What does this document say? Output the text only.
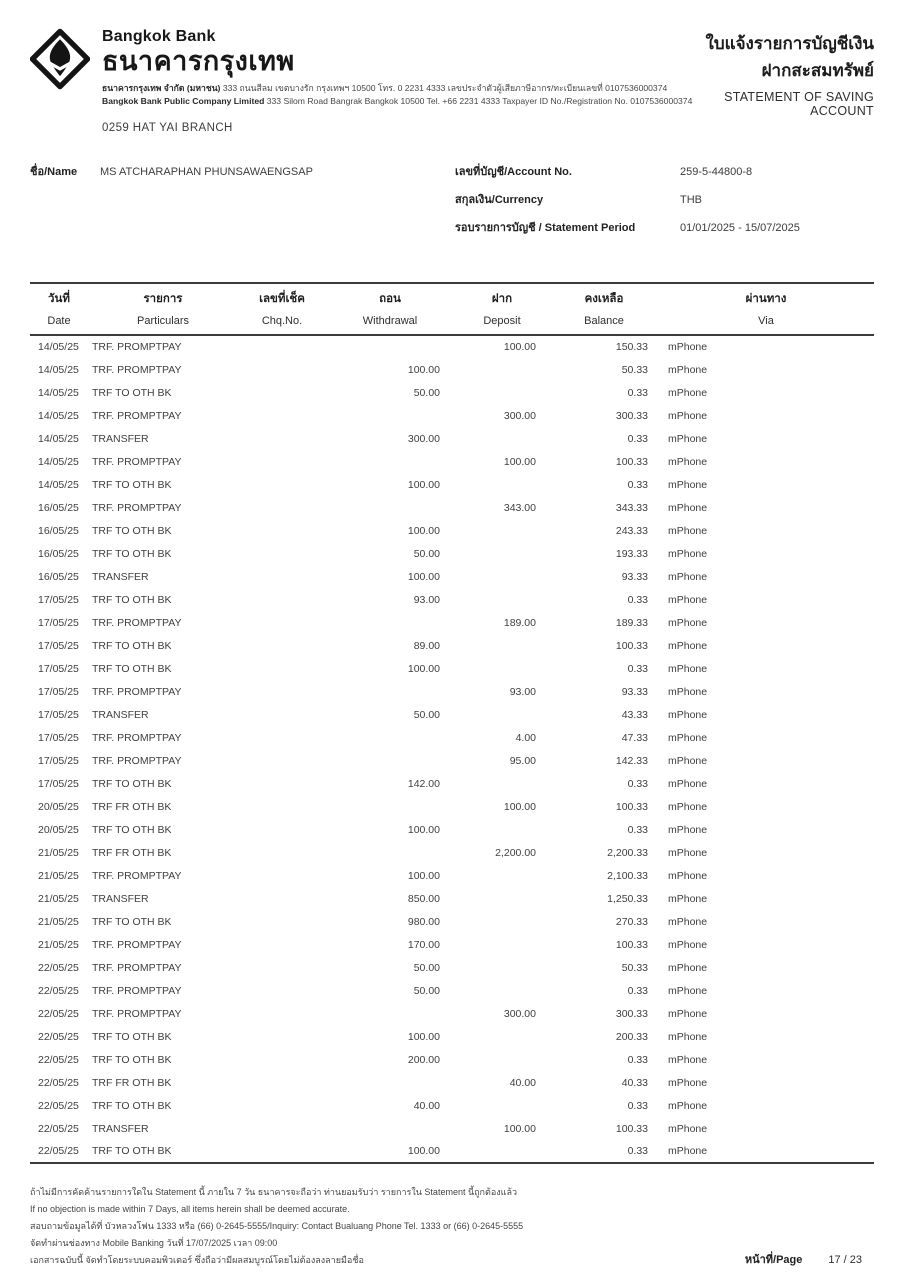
Bangkok Bank
ธนาคารกรุงเทพ
ธนาคารกรุงเทพ จำกัด (มหาชน) 333 ถนนสีลม เขตบางรัก กรุงเทพฯ 10500 โทร. 0 2231 4333 เลขประจำตัวผู้เสียภาษีอากร/ทะเบียนเลขที่ 0107536000374
Bangkok Bank Public Company Limited 333 Silom Road Bangrak Bangkok 10500 Tel. +66 2231 4333 Taxpayer ID No./Registration No. 0107536000374
0259 HAT YAI BRANCH
ใบแจ้งรายการบัญชีเงินฝากสะสมทรัพย์
STATEMENT OF SAVING ACCOUNT
ชื่อ/Name	MS ATCHARAPHAN PHUNSAWAENGSAP	เลขที่บัญชี/Account No.	259-5-44800-8
สกุลเงิน/Currency	THB
รอบรายการบัญชี / Statement Period	01/01/2025 - 15/07/2025
วันที่
Date

รายการ
Particulars

เลขที่เช็ค
Chq.No.

ถอน
Withdrawal

ฝาก
Deposit

คงเหลือ
Balance

ผ่านทาง
Via

14/05/25	TRF. PROMPTPAY			100.00	150.33	mPhone
14/05/25	TRF. PROMPTPAY		100.00		50.33	mPhone
14/05/25	TRF TO OTH BK		50.00		0.33	mPhone
14/05/25	TRF. PROMPTPAY			300.00	300.33	mPhone
14/05/25	TRANSFER		300.00		0.33	mPhone
14/05/25	TRF. PROMPTPAY			100.00	100.33	mPhone
14/05/25	TRF TO OTH BK		100.00		0.33	mPhone
16/05/25	TRF. PROMPTPAY			343.00	343.33	mPhone
16/05/25	TRF TO OTH BK		100.00		243.33	mPhone
16/05/25	TRF TO OTH BK		50.00		193.33	mPhone
16/05/25	TRANSFER		100.00		93.33	mPhone
17/05/25	TRF TO OTH BK		93.00		0.33	mPhone
17/05/25	TRF. PROMPTPAY			189.00	189.33	mPhone
17/05/25	TRF TO OTH BK		89.00		100.33	mPhone
17/05/25	TRF TO OTH BK		100.00		0.33	mPhone
17/05/25	TRF. PROMPTPAY			93.00	93.33	mPhone
17/05/25	TRANSFER		50.00		43.33	mPhone
17/05/25	TRF. PROMPTPAY			4.00	47.33	mPhone
17/05/25	TRF. PROMPTPAY			95.00	142.33	mPhone
17/05/25	TRF TO OTH BK		142.00		0.33	mPhone
20/05/25	TRF FR OTH BK			100.00	100.33	mPhone
20/05/25	TRF TO OTH BK		100.00		0.33	mPhone
21/05/25	TRF FR OTH BK			2,200.00	2,200.33	mPhone
21/05/25	TRF. PROMPTPAY		100.00		2,100.33	mPhone
21/05/25	TRANSFER		850.00		1,250.33	mPhone
21/05/25	TRF TO OTH BK		980.00		270.33	mPhone
21/05/25	TRF. PROMPTPAY		170.00		100.33	mPhone
22/05/25	TRF. PROMPTPAY		50.00		50.33	mPhone
22/05/25	TRF. PROMPTPAY		50.00		0.33	mPhone
22/05/25	TRF. PROMPTPAY			300.00	300.33	mPhone
22/05/25	TRF TO OTH BK		100.00		200.33	mPhone
22/05/25	TRF TO OTH BK		200.00		0.33	mPhone
22/05/25	TRF FR OTH BK			40.00	40.33	mPhone
22/05/25	TRF TO OTH BK		40.00		0.33	mPhone
22/05/25	TRANSFER			100.00	100.33	mPhone
22/05/25	TRF TO OTH BK		100.00		0.33	mPhone
ถ้าไม่มีการคัดค้านรายการใดใน Statement นี้ ภายใน 7 วัน ธนาคารจะถือว่า ท่านยอมรับว่า รายการใน Statement นี้ถูกต้องแล้ว
If no objection is made within 7 Days, all items herein shall be deemed accurate.
สอบถามข้อมูลได้ที่ บัวหลวงโฟน 1333 หรือ (66) 0-2645-5555/Inquiry: Contact Bualuang Phone Tel. 1333 or (66) 0-2645-5555
จัดทำผ่านช่องทาง Mobile Banking วันที่ 17/07/2025 เวลา 09:00
เอกสารฉบับนี้ จัดทำโดยระบบคอมพิวเตอร์ ซึ่งถือว่ามีผลสมบูรณ์โดยไม่ต้องลงลายมือชื่อ	หน้าที่/Page 17 / 23
